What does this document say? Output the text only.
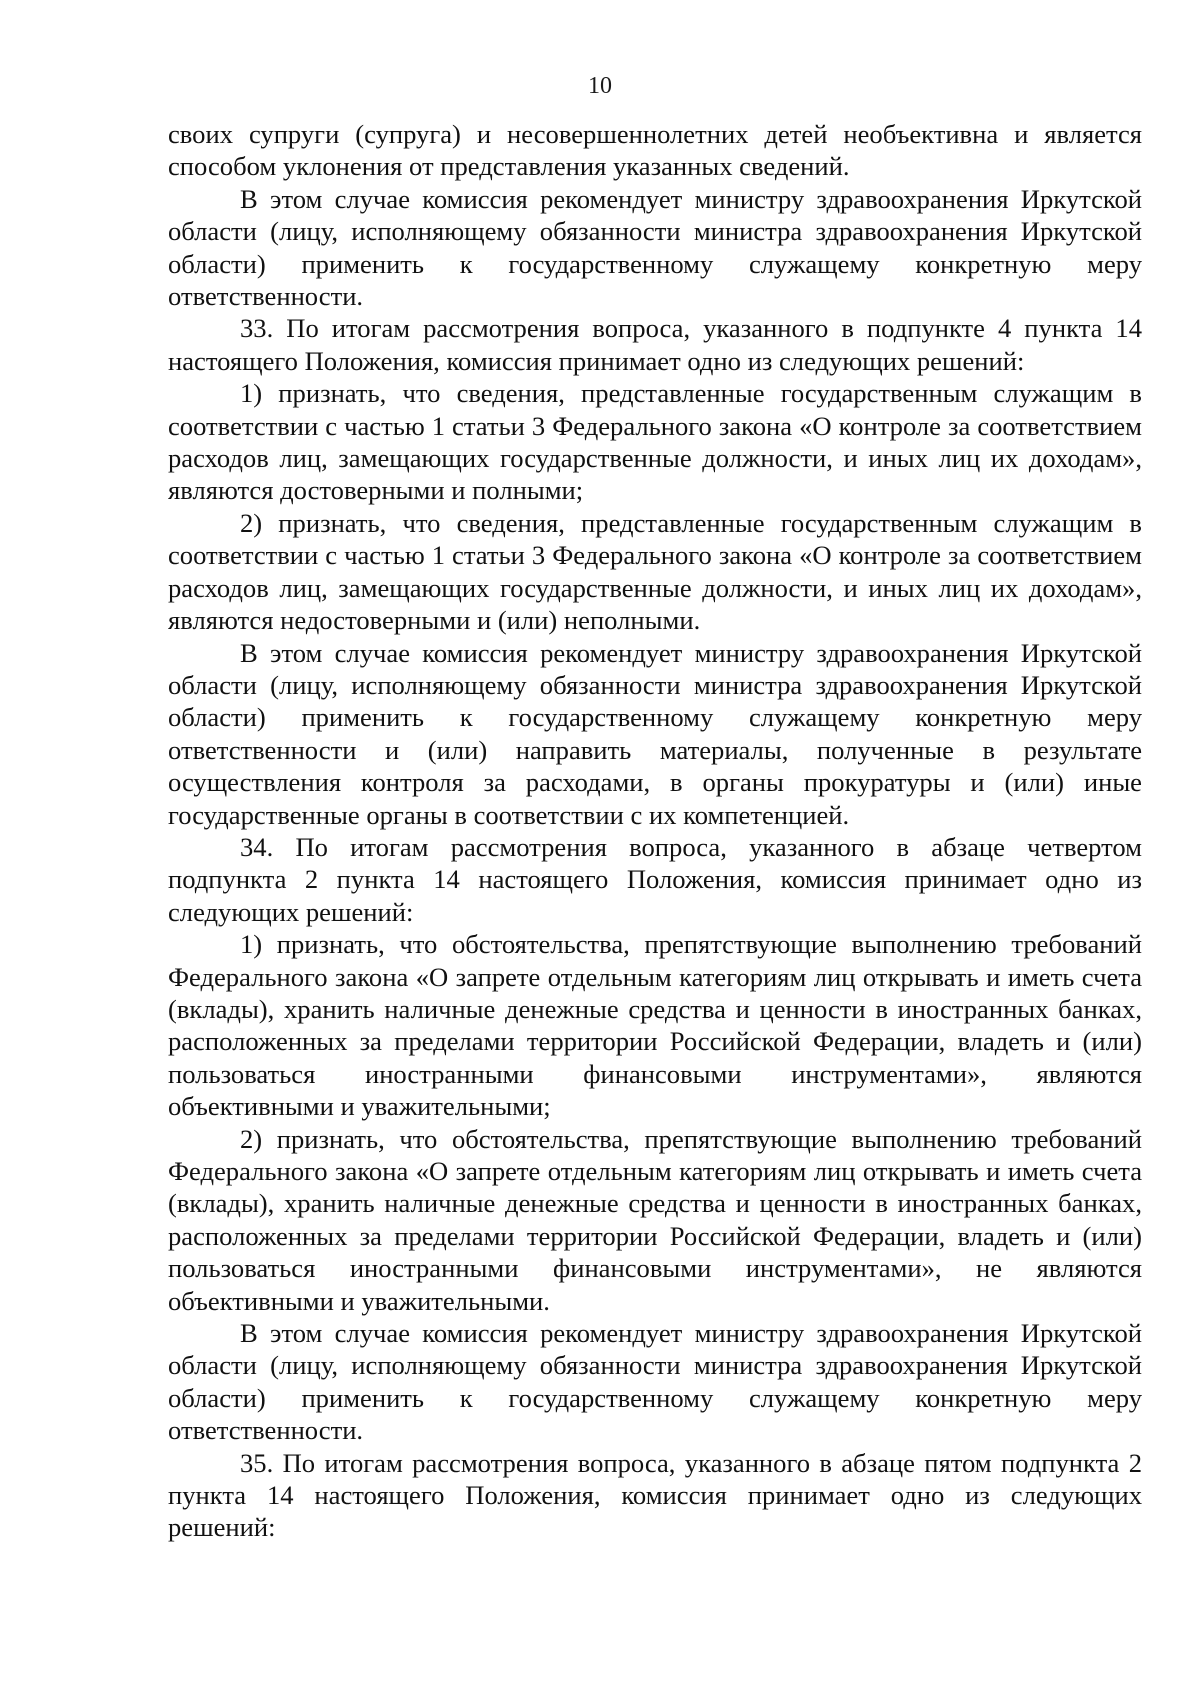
10

своих супруги (супруга) и несовершеннолетних детей необъективна и является способом уклонения от представления указанных сведений.

В этом случае комиссия рекомендует министру здравоохранения Иркутской области (лицу, исполняющему обязанности министра здравоохранения Иркутской области) применить к государственному служащему конкретную меру ответственности.

33. По итогам рассмотрения вопроса, указанного в подпункте 4 пункта 14 настоящего Положения, комиссия принимает одно из следующих решений:

1) признать, что сведения, представленные государственным служащим в соответствии с частью 1 статьи 3 Федерального закона «О контроле за соответствием расходов лиц, замещающих государственные должности, и иных лиц их доходам», являются достоверными и полными;

2) признать, что сведения, представленные государственным служащим в соответствии с частью 1 статьи 3 Федерального закона «О контроле за соответствием расходов лиц, замещающих государственные должности, и иных лиц их доходам», являются недостоверными и (или) неполными.

В этом случае комиссия рекомендует министру здравоохранения Иркутской области (лицу, исполняющему обязанности министра здравоохранения Иркутской области) применить к государственному служащему конкретную меру ответственности и (или) направить материалы, полученные в результате осуществления контроля за расходами, в органы прокуратуры и (или) иные государственные органы в соответствии с их компетенцией.

34. По итогам рассмотрения вопроса, указанного в абзаце четвертом подпункта 2 пункта 14 настоящего Положения, комиссия принимает одно из следующих решений:

1) признать, что обстоятельства, препятствующие выполнению требований Федерального закона «О запрете отдельным категориям лиц открывать и иметь счета (вклады), хранить наличные денежные средства и ценности в иностранных банках, расположенных за пределами территории Российской Федерации, владеть и (или) пользоваться иностранными финансовыми инструментами», являются объективными и уважительными;

2) признать, что обстоятельства, препятствующие выполнению требований Федерального закона «О запрете отдельным категориям лиц открывать и иметь счета (вклады), хранить наличные денежные средства и ценности в иностранных банках, расположенных за пределами территории Российской Федерации, владеть и (или) пользоваться иностранными финансовыми инструментами», не являются объективными и уважительными.

В этом случае комиссия рекомендует министру здравоохранения Иркутской области (лицу, исполняющему обязанности министра здравоохранения Иркутской области) применить к государственному служащему конкретную меру ответственности.

35. По итогам рассмотрения вопроса, указанного в абзаце пятом подпункта 2 пункта 14 настоящего Положения, комиссия принимает одно из следующих решений:
